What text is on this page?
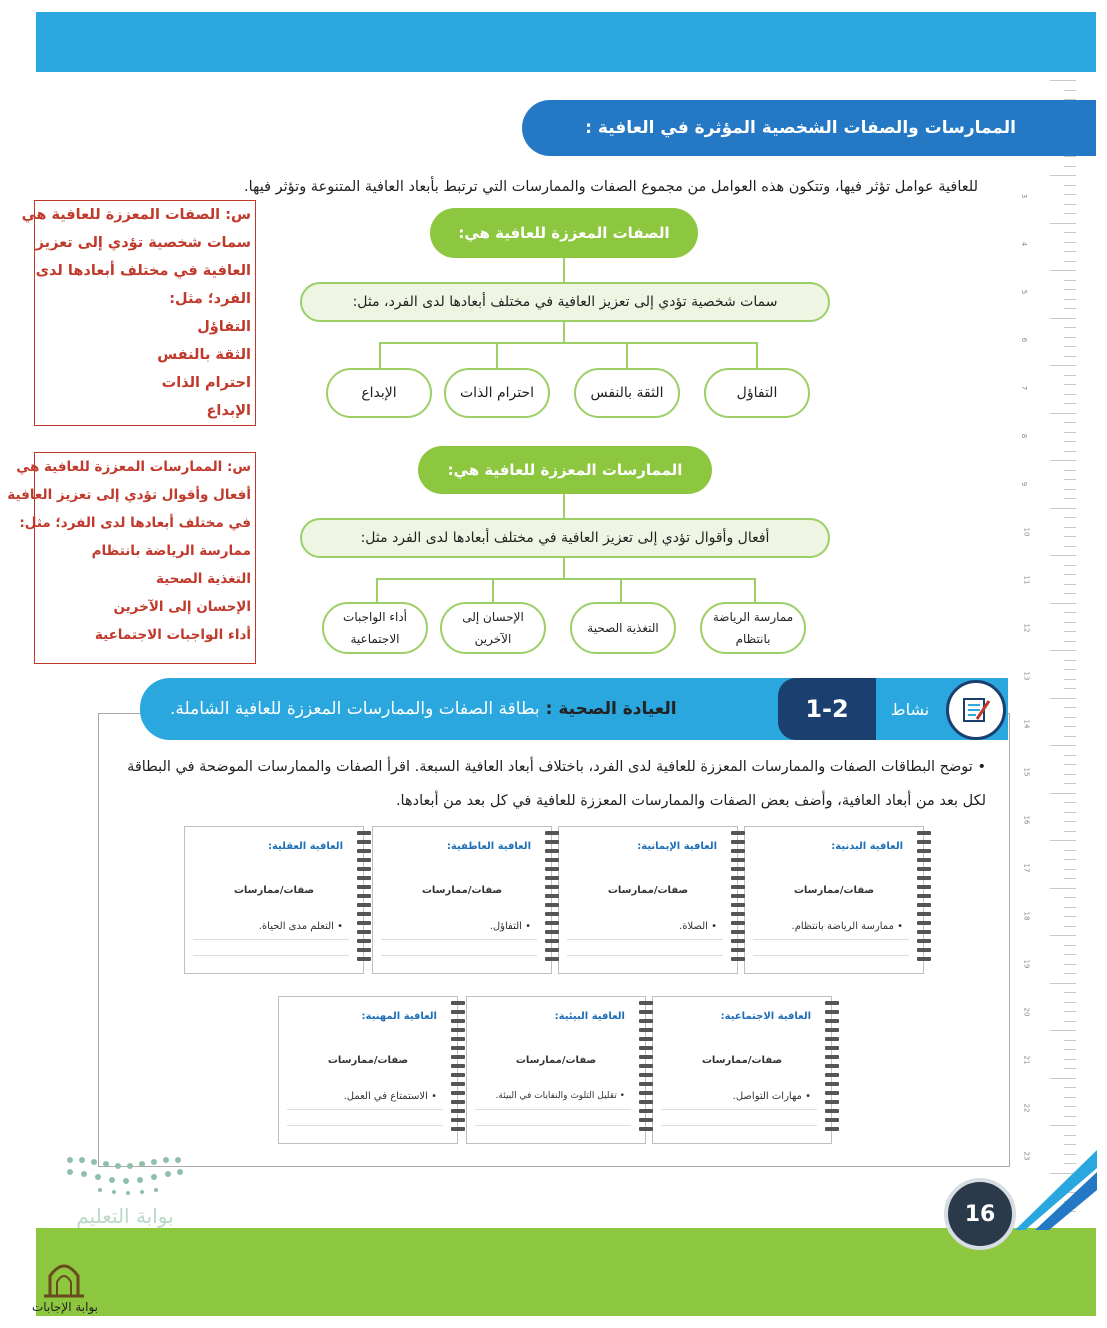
3
4
5
6
7
8
9
10
11
12
13
14
15
16
17
18
19
20
21
22
23
الممارسات والصفات الشخصية المؤثرة في العافية :
للعافية عوامل تؤثر فيها، وتتكون هذه العوامل من مجموع الصفات والممارسات التي ترتبط بأبعاد العافية المتنوعة وتؤثر فيها.
الصفات المعززة للعافية هي:
سمات شخصية تؤدي إلى تعزيز العافية في مختلف أبعادها لدى الفرد، مثل:
التفاؤل
الثقة بالنفس
احترام الذات
الإبداع
الممارسات المعززة للعافية هي:
أفعال وأقوال تؤدي إلى تعزيز العافية في مختلف أبعادها لدى الفرد مثل:
ممارسة الرياضة
بانتظام
التغذية الصحية
الإحسان إلى
الآخرين
أداء الواجبات
الاجتماعية
س: الصفات المعززة للعافية هي
سمات شخصية تؤدي إلى تعزيز
العافية في مختلف أبعادها لدى
الفرد؛ مثل:
التفاؤل
الثقة بالنفس
احترام الذات
الإبداع
س: الممارسات المعززة للعافية هي
أفعال وأقوال تؤدي إلى تعزيز العافية
في مختلف أبعادها لدى الفرد؛ مثل:
ممارسة الرياضة بانتظام
التغذية الصحية
الإحسان إلى الآخرين
أداء الواجبات الاجتماعية
العيادة الصحية :
بطاقة الصفات والممارسات المعززة للعافية الشاملة.	1-2	نشاط
• توضح البطاقات الصفات والممارسات المعززة للعافية لدى الفرد، باختلاف أبعاد العافية السبعة. اقرأ الصفات والممارسات الموضحة في البطاقة لكل بعد من أبعاد العافية، وأضف بعض الصفات والممارسات المعززة للعافية في كل بعد من أبعادها.
العافية البدنية:
صفات/ممارسات
• ممارسة الرياضة بانتظام.
العافية الإيمانية:
صفات/ممارسات
• الصلاة.
العافية العاطفية:
صفات/ممارسات
• التفاؤل.
العافية العقلية:
صفات/ممارسات
• التعلم مدى الحياة.
العافية الاجتماعية:
صفات/ممارسات
• مهارات التواصل.
العافية البيئية:
صفات/ممارسات
• تقليل التلوث والنفايات في البيئة.
العافية المهنية:
صفات/ممارسات
• الاستمتاع في العمل.
16
بوابة التعليم
بوابة الإجابات
